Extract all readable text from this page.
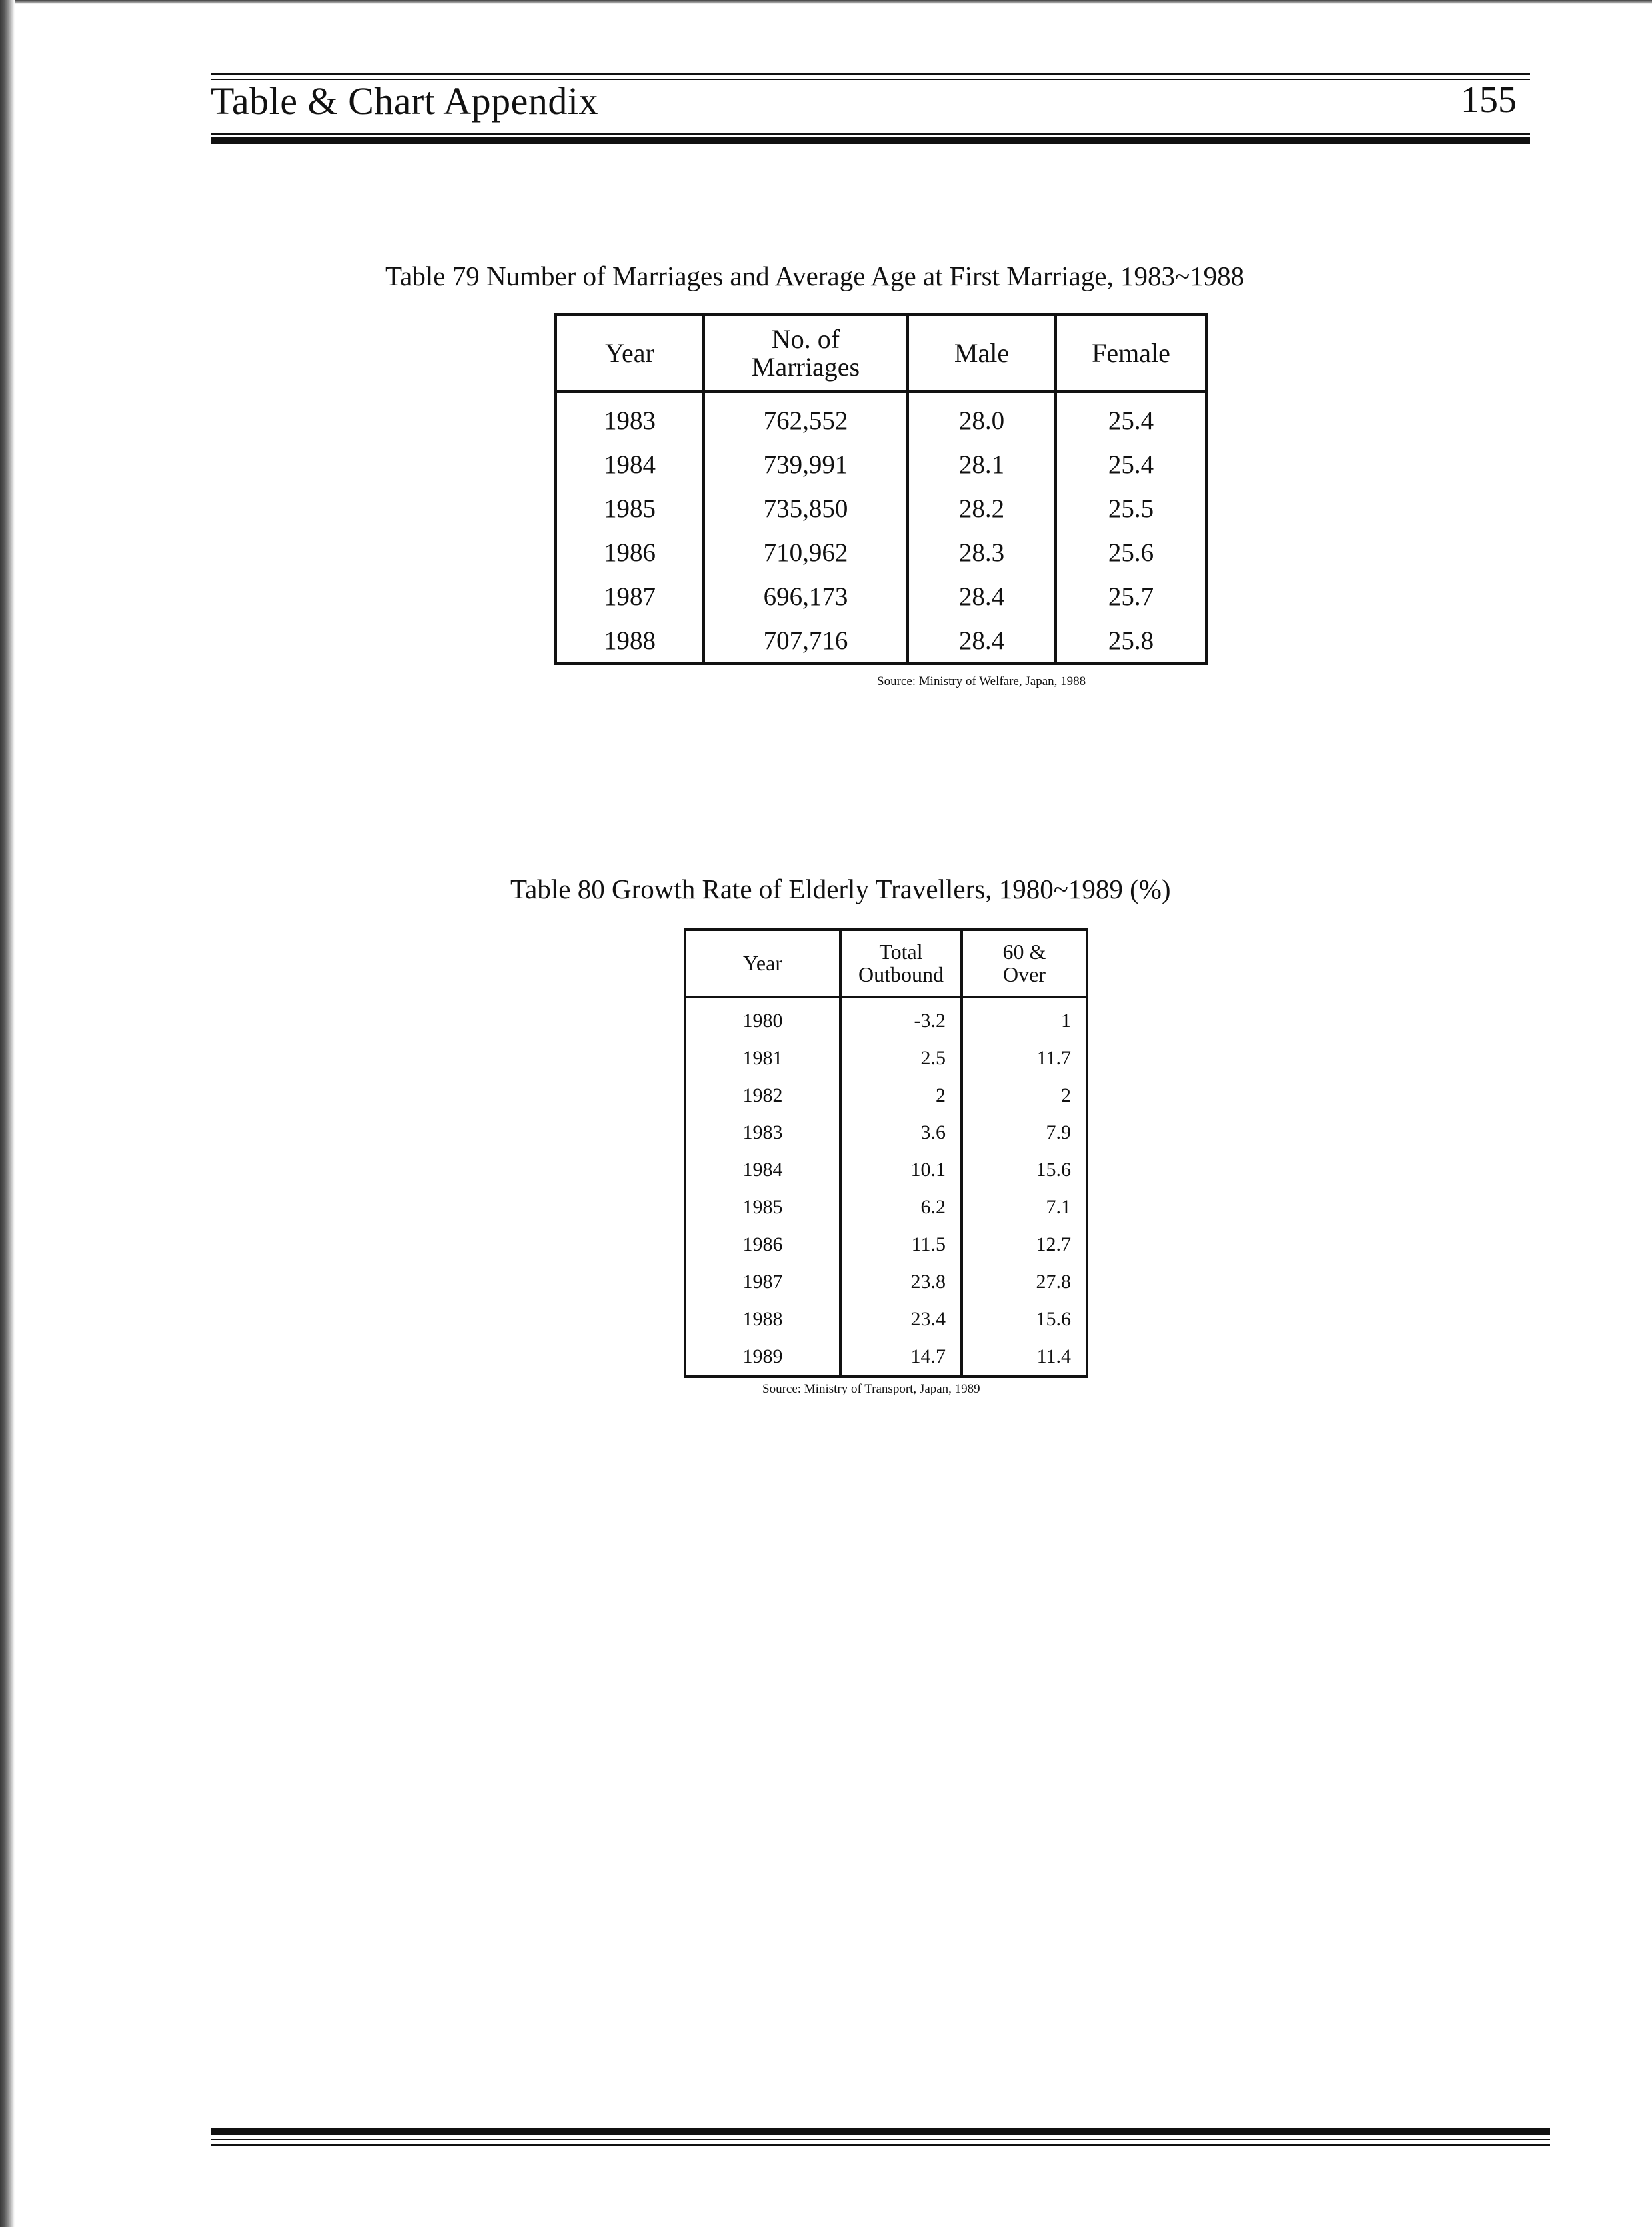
Table & Chart Appendix	155
Table 79 Number of Marriages and Average Age at First Marriage, 1983~1988
Year	No. of Marriages	Male	Female
1983	762,552	28.0	25.4
1984	739,991	28.1	25.4
1985	735,850	28.2	25.5
1986	710,962	28.3	25.6
1987	696,173	28.4	25.7
1988	707,716	28.4	25.8
Source: Ministry of Welfare, Japan, 1988
Table 80 Growth Rate of Elderly Travellers, 1980~1989 (%)
Year	Total Outbound	60 & Over
1980	-3.2	1
1981	2.5	11.7
1982	2	2
1983	3.6	7.9
1984	10.1	15.6
1985	6.2	7.1
1986	11.5	12.7
1987	23.8	27.8
1988	23.4	15.6
1989	14.7	11.4
Source: Ministry of Transport, Japan, 1989
